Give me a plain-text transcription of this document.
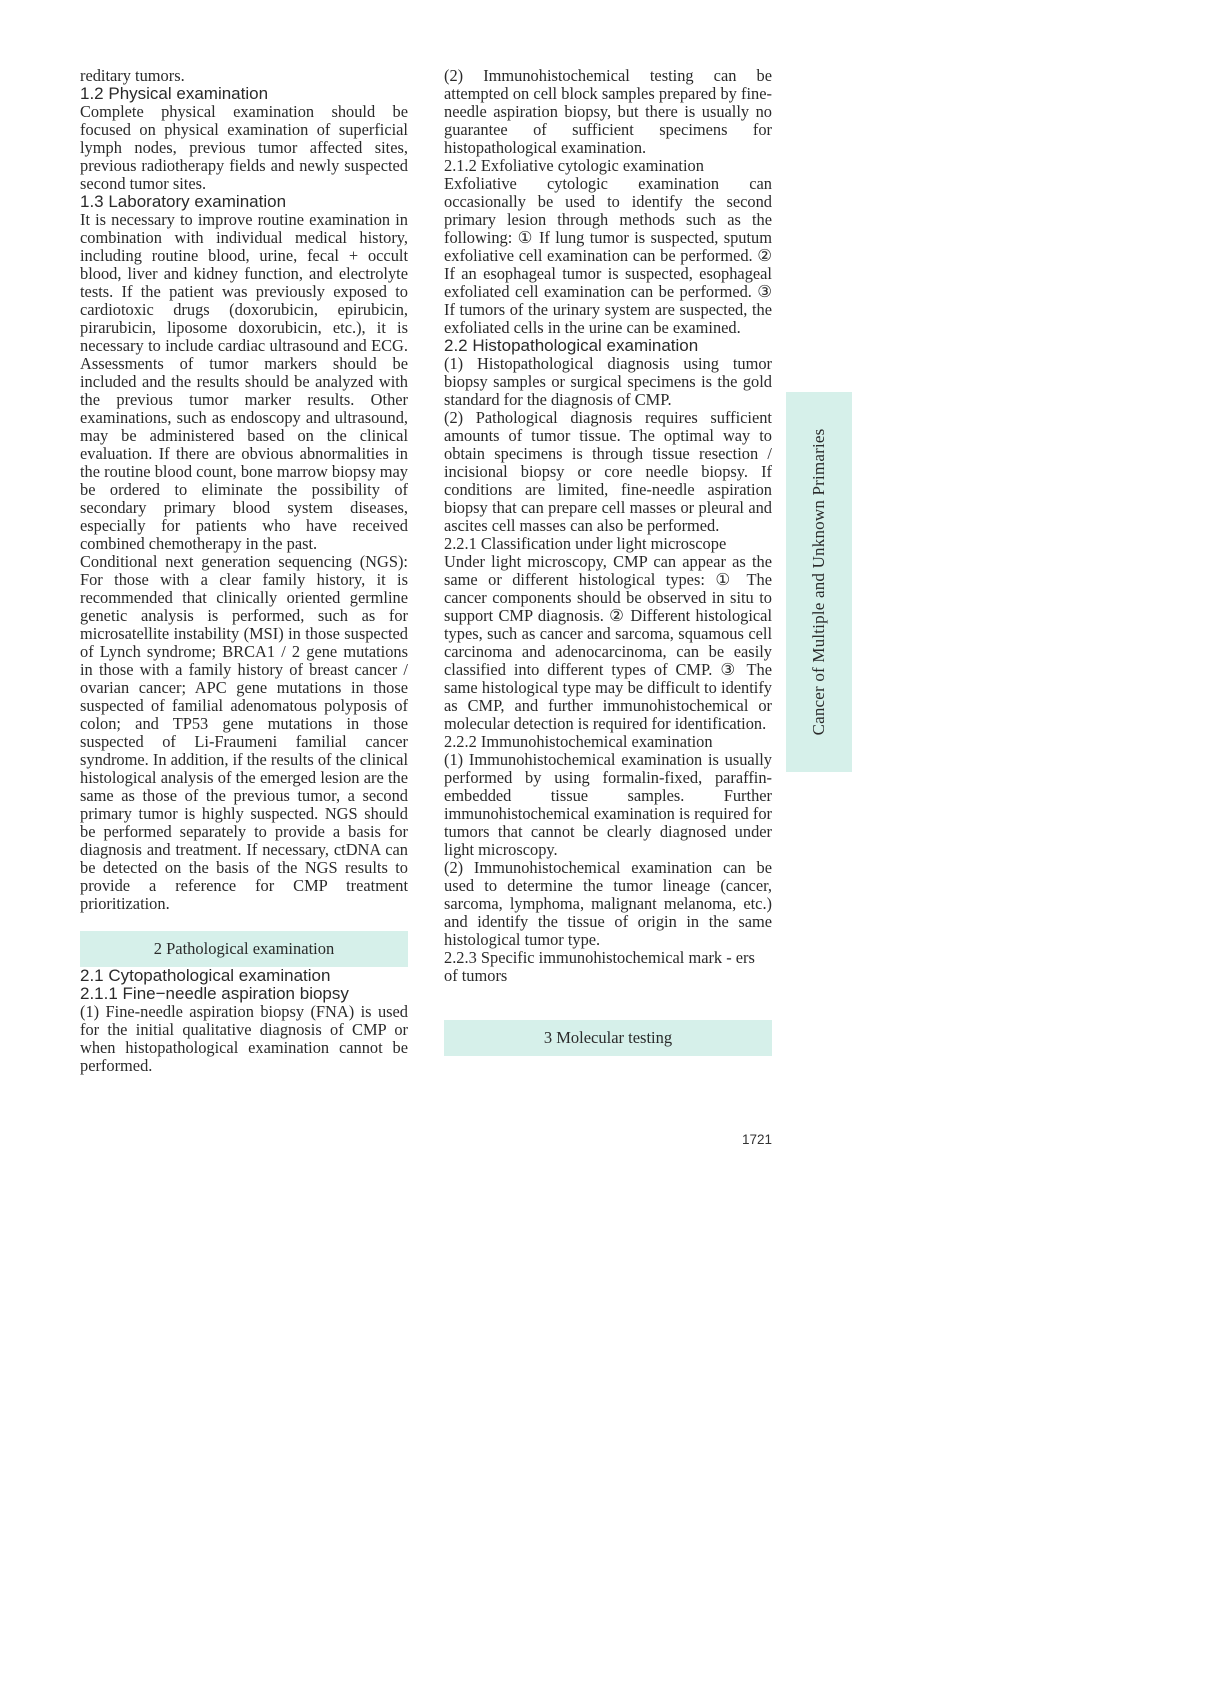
reditary tumors.

1.2 Physical examination

Complete physical examination should be focused on physical examination of superficial lymph nodes, previous tumor affected sites, previous radiotherapy fields and newly suspected second tumor sites.

1.3 Laboratory examination

It is necessary to improve routine examination in combination with individual medical history, including routine blood, urine, fecal + occult blood, liver and kidney function, and electrolyte tests. If the patient was previously exposed to cardiotoxic drugs (doxorubicin, epirubicin, pirarubicin, liposome doxorubicin, etc.), it is necessary to include cardiac ultrasound and ECG. Assessments of tumor markers should be included and the results should be analyzed with the previous tumor marker results. Other examinations, such as endoscopy and ultrasound, may be administered based on the clinical evaluation. If there are obvious abnormalities in the routine blood count, bone marrow biopsy may be ordered to eliminate the possibility of secondary primary blood system diseases, especially for patients who have received combined chemotherapy in the past.

Conditional next generation sequencing (NGS): For those with a clear family history, it is recommended that clinically oriented germline genetic analysis is performed, such as for microsatellite instability (MSI) in those suspected of Lynch syndrome; BRCA1 / 2 gene mutations in those with a family history of breast cancer / ovarian cancer; APC gene mutations in those suspected of familial adenomatous polyposis of colon; and TP53 gene mutations in those suspected of Li-Fraumeni familial cancer syndrome. In addition, if the results of the clinical histological analysis of the emerged lesion are the same as those of the previous tumor, a second primary tumor is highly suspected. NGS should be performed separately to provide a basis for diagnosis and treatment. If necessary, ctDNA can be detected on the basis of the NGS results to provide a reference for CMP treatment prioritization.

2 Pathological examination
2.1 Cytopathological examination
2.1.1 Fine−needle aspiration biopsy

(1) Fine-needle aspiration biopsy (FNA) is used for the initial qualitative diagnosis of CMP or when histopathological examination cannot be performed.

(2) Immunohistochemical testing can be attempted on cell block samples prepared by fine-needle aspiration biopsy, but there is usually no guarantee of sufficient specimens for histopathological examination.

2.1.2 Exfoliative cytologic examination

Exfoliative cytologic examination can occasionally be used to identify the second primary lesion through methods such as the following: ① If lung tumor is suspected, sputum exfoliative cell examination can be performed. ② If an esophageal tumor is suspected, esophageal exfoliated cell examination can be performed. ③ If tumors of the urinary system are suspected, the exfoliated cells in the urine can be examined.

2.2 Histopathological examination

(1) Histopathological diagnosis using tumor biopsy samples or surgical specimens is the gold standard for the diagnosis of CMP.

(2) Pathological diagnosis requires sufficient amounts of tumor tissue. The optimal way to obtain specimens is through tissue resection / incisional biopsy or core needle biopsy. If conditions are limited, fine-needle aspiration biopsy that can prepare cell masses or pleural and ascites cell masses can also be performed.

2.2.1 Classification under light microscope

Under light microscopy, CMP can appear as the same or different histological types: ① The cancer components should be observed in situ to support CMP diagnosis. ② Different histological types, such as cancer and sarcoma, squamous cell carcinoma and adenocarcinoma, can be easily classified into different types of CMP. ③ The same histological type may be difficult to identify as CMP, and further immunohistochemical or molecular detection is required for identification.

2.2.2 Immunohistochemical examination

(1) Immunohistochemical examination is usually performed by using formalin-fixed, paraffin-embedded tissue samples. Further immunohistochemical examination is required for tumors that cannot be clearly diagnosed under light microscopy.

(2) Immunohistochemical examination can be used to determine the tumor lineage (cancer, sarcoma, lymphoma, malignant melanoma, etc.) and identify the tissue of origin in the same histological tumor type.

2.2.3 Specific immunohistochemical mark - ers of tumors
3 Molecular testing
Cancer of Multiple and Unknown Primaries
1721
